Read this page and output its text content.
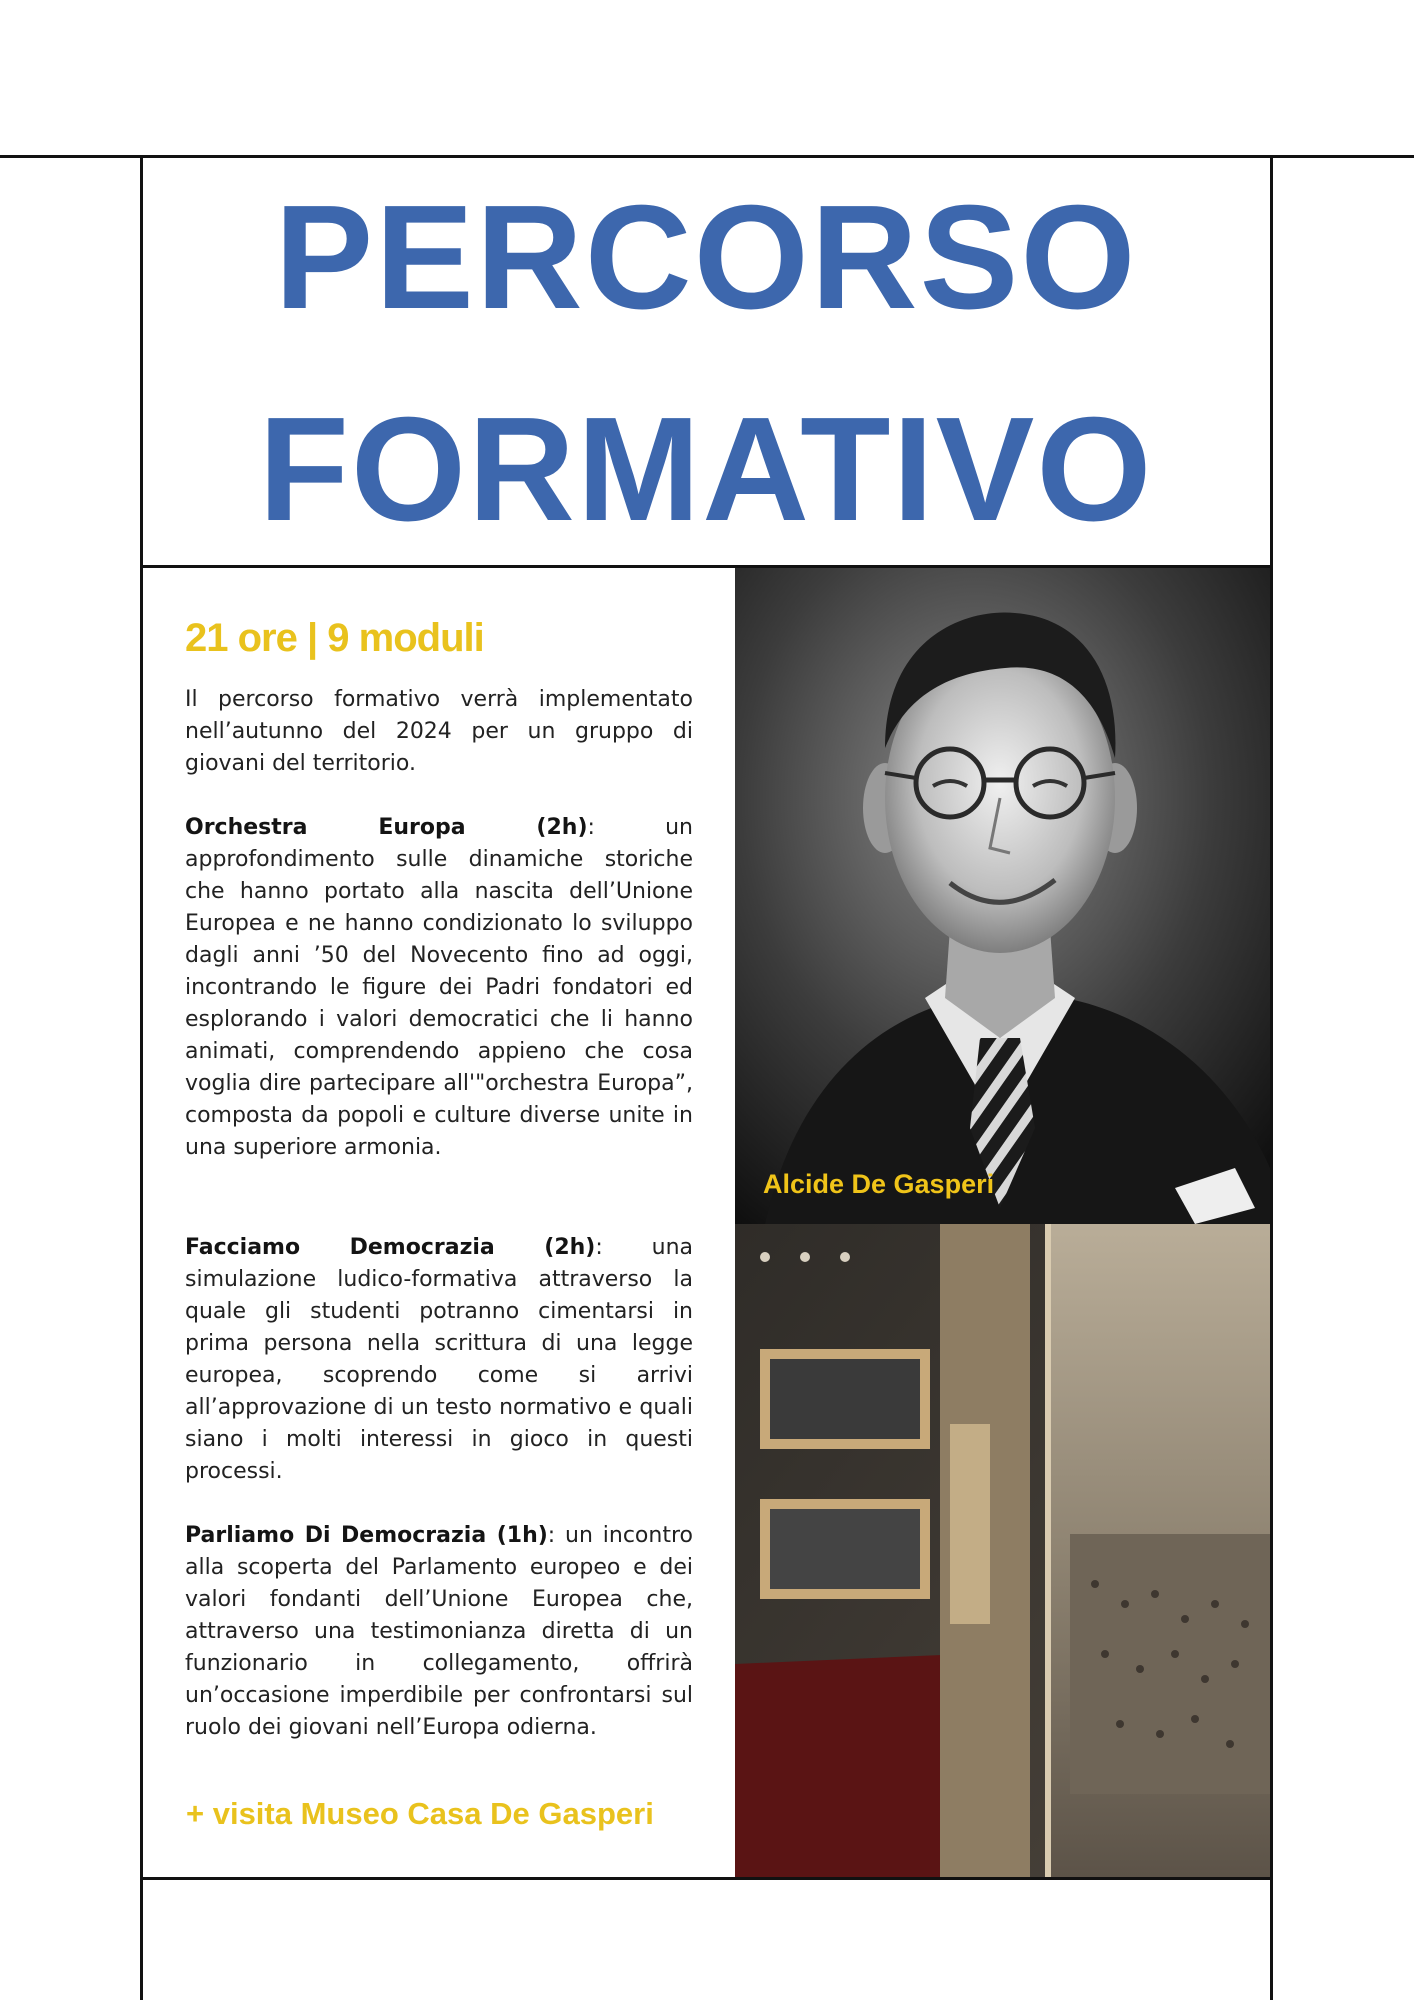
PERCORSO
FORMATIVO
21 ore | 9 moduli
Il percorso formativo verrà implementato nell’autunno del 2024 per un gruppo di giovani del territorio.
Orchestra Europa (2h): un approfondimento sulle dinamiche storiche che hanno portato alla nascita dell’Unione Europea e ne hanno condizionato lo sviluppo dagli anni ’50 del Novecento fino ad oggi, incontrando le figure dei Padri fondatori ed esplorando i valori democratici che li hanno animati, comprendendo appieno che cosa voglia dire partecipare all'"orchestra Europa”, composta da popoli e culture diverse unite in una superiore armonia.
Facciamo Democrazia (2h): una simulazione ludico-formativa attraverso la quale gli studenti potranno cimentarsi in prima persona nella scrittura di una legge europea, scoprendo come si arrivi all’approvazione di un testo normativo e quali siano i molti interessi in gioco in questi processi.
Parliamo Di Democrazia (1h): un incontro alla scoperta del Parlamento europeo e dei valori fondanti dell’Unione Europea che, attraverso una testimonianza diretta di un funzionario in collegamento, offrirà un’occasione imperdibile per confrontarsi sul ruolo dei giovani nell’Europa odierna.
+ visita Museo Casa De Gasperi
Alcide De Gasperi
